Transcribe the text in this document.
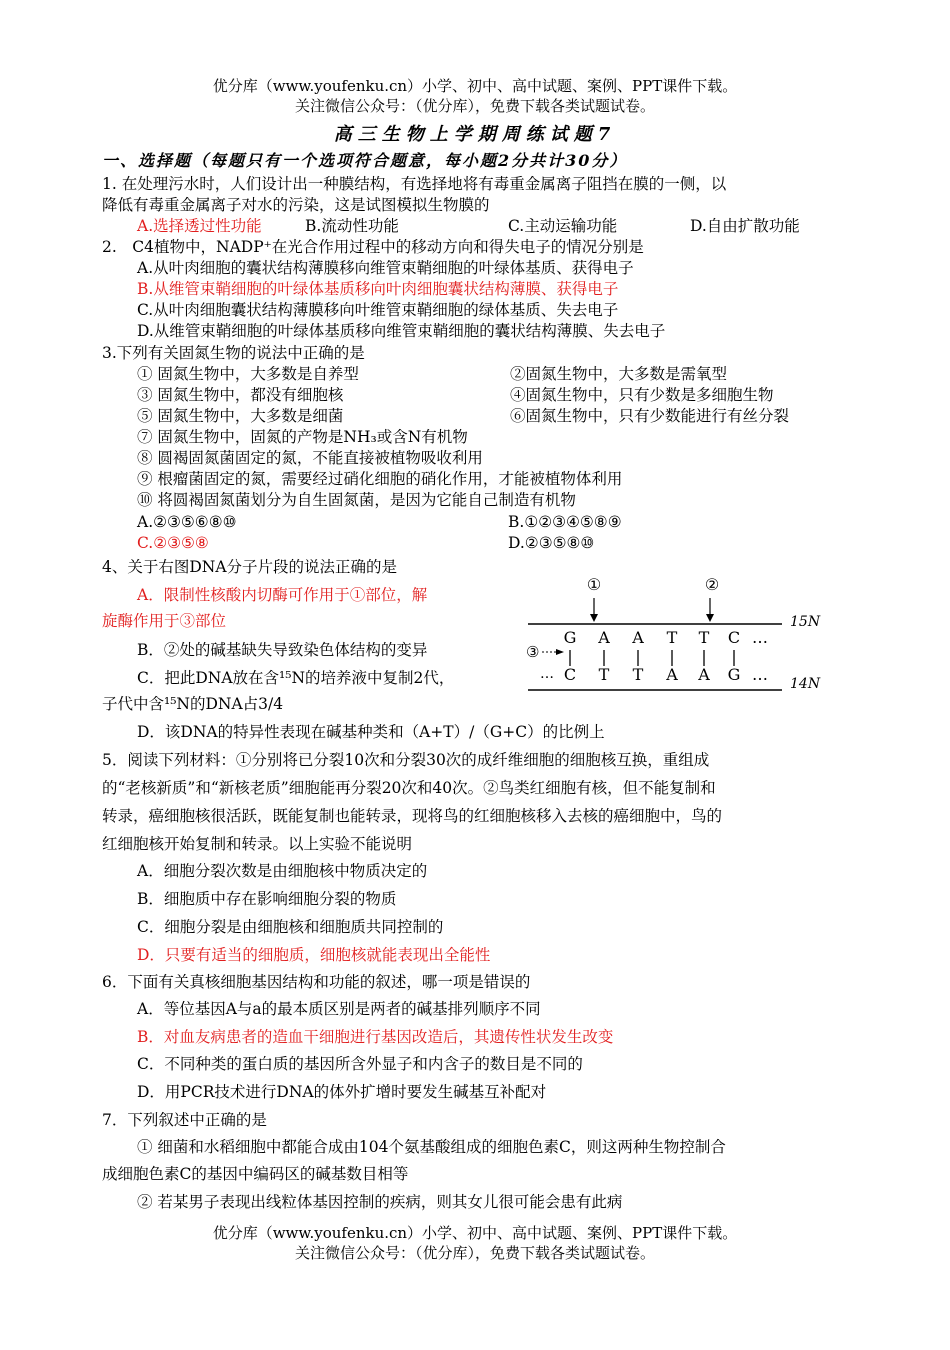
优分库（www.youfenku.cn）小学、初中、高中试题、案例、PPT课件下载。
关注微信公众号：（优分库），免费下载各类试题试卷。
高三生物上学期周练试题7
一、选择题（每题只有一个选项符合题意，每小题2分共计30分）
1. 在处理污水时，人们设计出一种膜结构，有选择地将有毒重金属离子阻挡在膜的一侧，以
降低有毒重金属离子对水的污染，这是试图模拟生物膜的
A.选择透过性功能	B.流动性功能	C.主动运输功能	D.自由扩散功能
2.　C4植物中，NADP⁺在光合作用过程中的移动方向和得失电子的情况分别是
A.从叶肉细胞的囊状结构薄膜移向维管束鞘细胞的叶绿体基质、获得电子
B.从维管束鞘细胞的叶绿体基质移向叶肉细胞囊状结构薄膜、获得电子
C.从叶肉细胞囊状结构薄膜移向叶维管束鞘细胞的绿体基质、失去电子
D.从维管束鞘细胞的叶绿体基质移向维管束鞘细胞的囊状结构薄膜、失去电子
3.下列有关固氮生物的说法中正确的是
① 固氮生物中，大多数是自养型	②固氮生物中，大多数是需氧型
③ 固氮生物中，都没有细胞核	④固氮生物中，只有少数是多细胞生物
⑤ 固氮生物中，大多数是细菌	⑥固氮生物中，只有少数能进行有丝分裂
⑦ 固氮生物中，固氮的产物是NH₃或含N有机物
⑧ 圆褐固氮菌固定的氮，不能直接被植物吸收利用
⑨ 根瘤菌固定的氮，需要经过硝化细胞的硝化作用，才能被植物体利用
⑩ 将圆褐固氮菌划分为自生固氮菌，是因为它能自己制造有机物
A.②③⑤⑥⑧⑩	B.①②③④⑤⑧⑨
C.②③⑤⑧	D.②③⑤⑧⑩
4、关于右图DNA分子片段的说法正确的是
A．限制性核酸内切酶可作用于①部位，解
旋酶作用于③部位
B．②处的碱基缺失导致染色体结构的变异
C．把此DNA放在含¹⁵N的培养液中复制2代，
子代中含¹⁵N的DNA占3/4
D．该DNA的特异性表现在碱基种类和（A+T）/（G+C）的比例上
①	②
15N
14N
③
…
G A A T T C …
C T T A A G …
5．阅读下列材料：①分别将已分裂10次和分裂30次的成纤维细胞的细胞核互换，重组成
的“老核新质”和“新核老质”细胞能再分裂20次和40次。②鸟类红细胞有核，但不能复制和
转录，癌细胞核很活跃，既能复制也能转录，现将鸟的红细胞核移入去核的癌细胞中，鸟的
红细胞核开始复制和转录。以上实验不能说明
A．细胞分裂次数是由细胞核中物质决定的
B．细胞质中存在影响细胞分裂的物质
C．细胞分裂是由细胞核和细胞质共同控制的
D．只要有适当的细胞质，细胞核就能表现出全能性
6．下面有关真核细胞基因结构和功能的叙述，哪一项是错误的
A．等位基因A与a的最本质区别是两者的碱基排列顺序不同
B．对血友病患者的造血干细胞进行基因改造后，其遗传性状发生改变
C．不同种类的蛋白质的基因所含外显子和内含子的数目是不同的
D．用PCR技术进行DNA的体外扩增时要发生碱基互补配对
7．下列叙述中正确的是
① 细菌和水稻细胞中都能合成由104个氨基酸组成的细胞色素C，则这两种生物控制合
成细胞色素C的基因中编码区的碱基数目相等
② 若某男子表现出线粒体基因控制的疾病，则其女儿很可能会患有此病
优分库（www.youfenku.cn）小学、初中、高中试题、案例、PPT课件下载。
关注微信公众号：（优分库），免费下载各类试题试卷。
